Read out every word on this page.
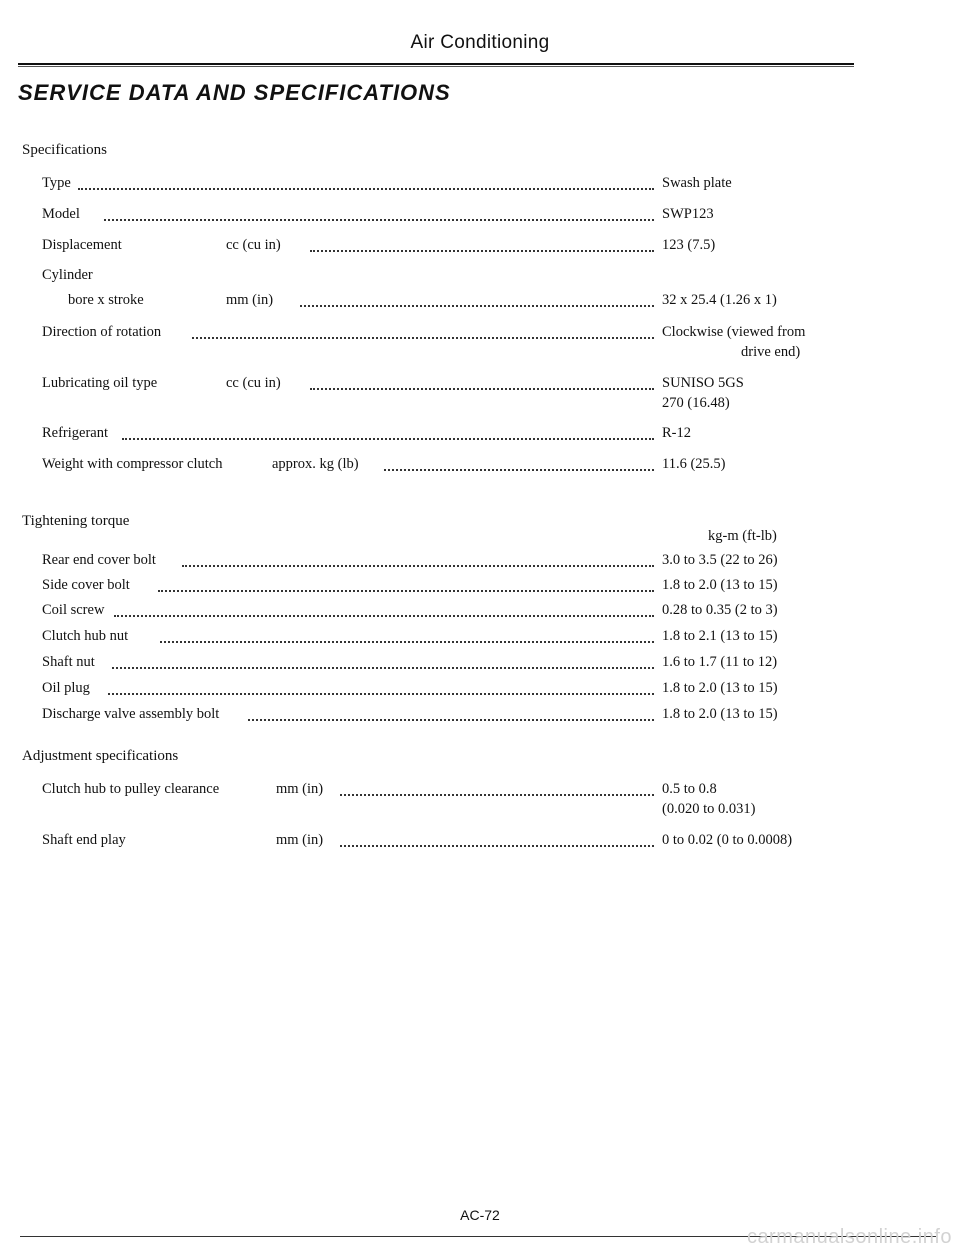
Air Conditioning
SERVICE DATA AND SPECIFICATIONS
Specifications
Type	Swash plate
Model	SWP123
Displacement	cc (cu in)	123 (7.5)
Cylinder
bore x stroke	mm (in)	32 x 25.4 (1.26 x 1)
Direction of rotation	Clockwise (viewed from
drive end)
Lubricating oil type	cc (cu in)	SUNISO 5GS
270 (16.48)
Refrigerant	R-12
Weight with compressor clutch	approx. kg (lb)	11.6 (25.5)
Tightening torque
kg-m (ft-lb)
Rear end cover bolt	3.0 to 3.5 (22 to 26)
Side cover bolt	1.8 to 2.0 (13 to 15)
Coil screw	0.28 to 0.35 (2 to 3)
Clutch hub nut	1.8 to 2.1 (13 to 15)
Shaft nut	1.6 to 1.7 (11 to 12)
Oil plug	1.8 to 2.0 (13 to 15)
Discharge valve assembly bolt	1.8 to 2.0 (13 to 15)
Adjustment specifications
Clutch hub to pulley clearance	mm (in)	0.5 to 0.8
(0.020 to 0.031)
Shaft end play	mm (in)	0 to 0.02 (0 to 0.0008)
AC-72
carmanualsonline.info
